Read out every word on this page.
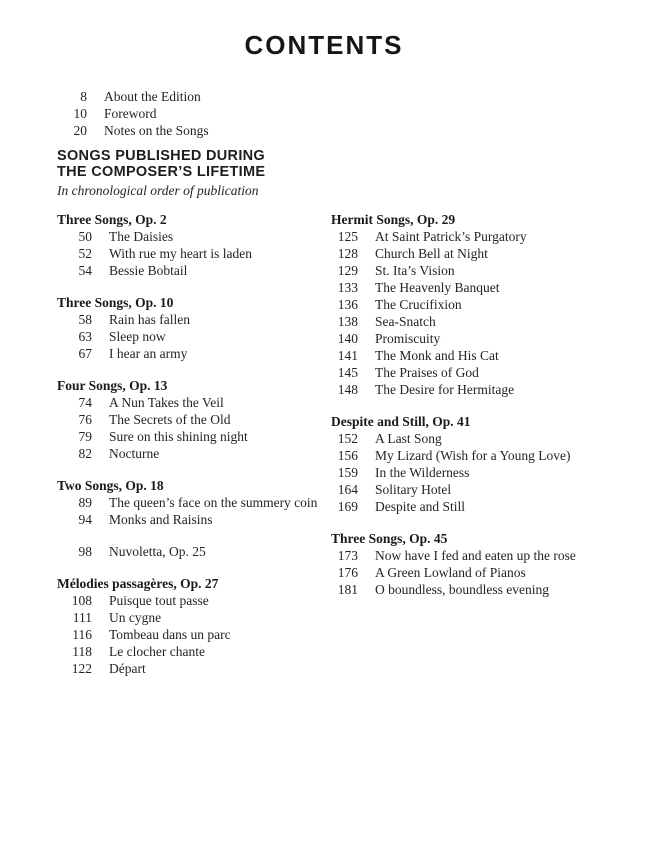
CONTENTS
8	About the Edition
10	Foreword
20	Notes on the Songs
SONGS PUBLISHED DURING
THE COMPOSER’S LIFETIME
In chronological order of publication
Three Songs, Op. 2
50	The Daisies
52	With rue my heart is laden
54	Bessie Bobtail
Three Songs, Op. 10
58	Rain has fallen
63	Sleep now
67	I hear an army
Four Songs, Op. 13
74	A Nun Takes the Veil
76	The Secrets of the Old
79	Sure on this shining night
82	Nocturne
Two Songs, Op. 18
89	The queen’s face on the summery coin
94	Monks and Raisins
98	Nuvoletta, Op. 25
Mélodies passagères, Op. 27
108	Puisque tout passe
111	Un cygne
116	Tombeau dans un parc
118	Le clocher chante
122	Départ
Hermit Songs, Op. 29
125	At Saint Patrick’s Purgatory
128	Church Bell at Night
129	St. Ita’s Vision
133	The Heavenly Banquet
136	The Crucifixion
138	Sea-Snatch
140	Promiscuity
141	The Monk and His Cat
145	The Praises of God
148	The Desire for Hermitage
Despite and Still, Op. 41
152	A Last Song
156	My Lizard (Wish for a Young Love)
159	In the Wilderness
164	Solitary Hotel
169	Despite and Still
Three Songs, Op. 45
173	Now have I fed and eaten up the rose
176	A Green Lowland of Pianos
181	O boundless, boundless evening
